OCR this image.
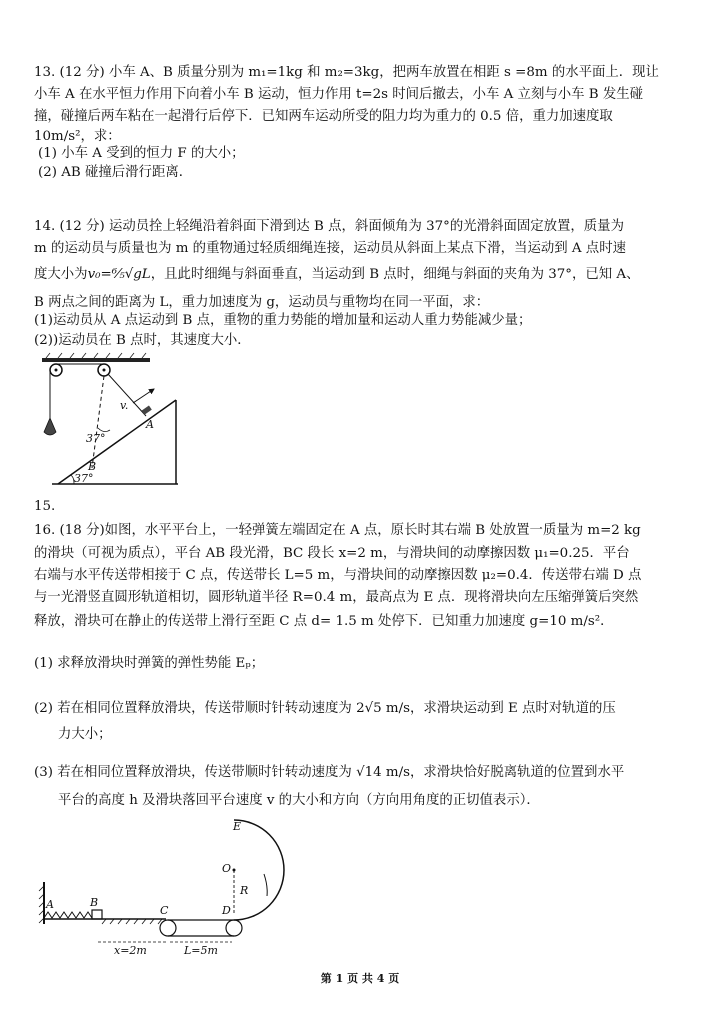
13. (12 分) 小车 A、B 质量分别为 m₁=1kg 和 m₂=3kg，把两车放置在相距 s =8m 的水平面上．现让
小车 A 在水平恒力作用下向着小车 B 运动，恒力作用 t=2s 时间后撤去，小车 A 立刻与小车 B 发生碰
撞，碰撞后两车粘在一起滑行后停下．已知两车运动所受的阻力均为重力的 0.5 倍，重力加速度取
10m/s²，求：
(1) 小车 A 受到的恒力 F 的大小；
(2) AB 碰撞后滑行距离．
14. (12 分) 运动员拴上轻绳沿着斜面下滑到达 B 点，斜面倾角为 37°的光滑斜面固定放置，质量为
m 的运动员与质量也为 m 的重物通过轻质细绳连接，运动员从斜面上某点下滑，当运动到 A 点时速
度大小为v₀=⁶⁄₅√gL，且此时细绳与斜面垂直，当运动到 B 点时，细绳与斜面的夹角为 37°，已知 A、
B 两点之间的距离为 L，重力加速度为 g，运动员与重物均在同一平面，求：
(1)运动员从 A 点运动到 B 点，重物的重力势能的增加量和运动人重力势能减少量；
(2))运动员在 B 点时，其速度大小．
v.
A
B
37°
37°
15.
16. (18 分)如图，水平平台上，一轻弹簧左端固定在 A 点，原长时其右端 B 处放置一质量为 m=2 kg
的滑块（可视为质点），平台 AB 段光滑，BC 段长 x=2 m，与滑块间的动摩擦因数 μ₁=0.25．平台
右端与水平传送带相接于 C 点，传送带长 L=5 m，与滑块间的动摩擦因数 μ₂=0.4．传送带右端 D 点
与一光滑竖直圆形轨道相切，圆形轨道半径 R=0.4 m，最高点为 E 点．现将滑块向左压缩弹簧后突然
释放，滑块可在静止的传送带上滑行至距 C 点 d= 1.5 m 处停下．已知重力加速度 g=10 m/s²．
(1) 求释放滑块时弹簧的弹性势能 Eₚ；
(2) 若在相同位置释放滑块，传送带顺时针转动速度为 2√5 m/s，求滑块运动到 E 点时对轨道的压
力大小；
(3) 若在相同位置释放滑块，传送带顺时针转动速度为 √14 m/s，求滑块恰好脱离轨道的位置到水平
平台的高度 h 及滑块落回平台速度 v 的大小和方向（方向用角度的正切值表示）．
E
O
R
A	B
C	D
x=2m	L=5m
第 1 页 共 4 页
